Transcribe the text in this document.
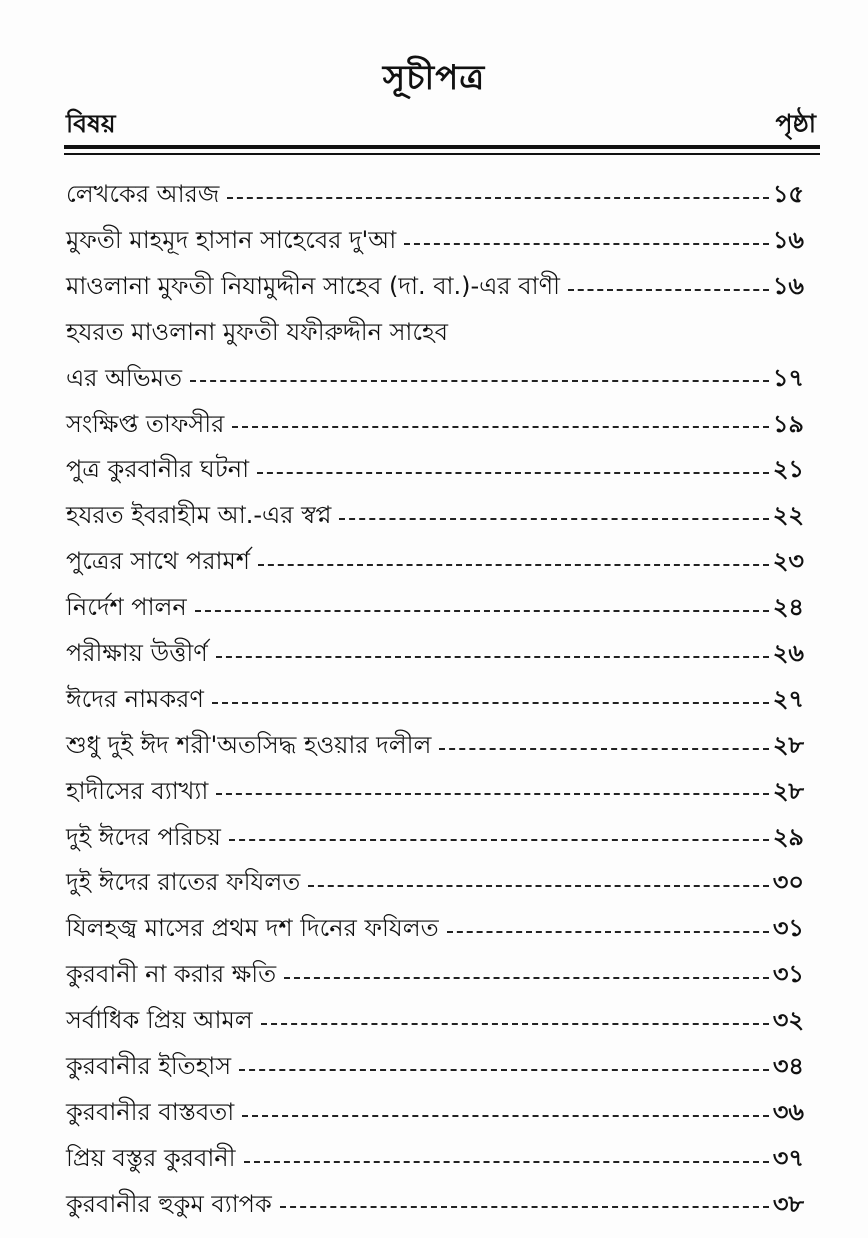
সূচীপত্র
বিষয়	পৃষ্ঠা
লেখকের আরজ	১৫
মুফতী মাহমূদ হাসান সাহেবের দু'আ	১৬
মাওলানা মুফতী নিযামুদ্দীন সাহেব (দা. বা.)-এর বাণী	১৬
হযরত মাওলানা মুফতী যফীরুদ্দীন সাহেব
এর অভিমত	১৭
সংক্ষিপ্ত তাফসীর	১৯
পুত্র কুরবানীর ঘটনা	২১
হযরত ইবরাহীম আ.-এর স্বপ্ন	২২
পুত্রের সাথে পরামর্শ	২৩
নির্দেশ পালন	২৪
পরীক্ষায় উত্তীর্ণ	২৬
ঈদের নামকরণ	২৭
শুধু দুই ঈদ শরী'অতসিদ্ধ হওয়ার দলীল	২৮
হাদীসের ব্যাখ্যা	২৮
দুই ঈদের পরিচয়	২৯
দুই ঈদের রাতের ফযিলত	৩০
যিলহজ্ব মাসের প্রথম দশ দিনের ফযিলত	৩১
কুরবানী না করার ক্ষতি	৩১
সর্বাধিক প্রিয় আমল	৩২
কুরবানীর ইতিহাস	৩৪
কুরবানীর বাস্তবতা	৩৬
প্রিয় বস্তুর কুরবানী	৩৭
কুরবানীর হুকুম ব্যাপক	৩৮
